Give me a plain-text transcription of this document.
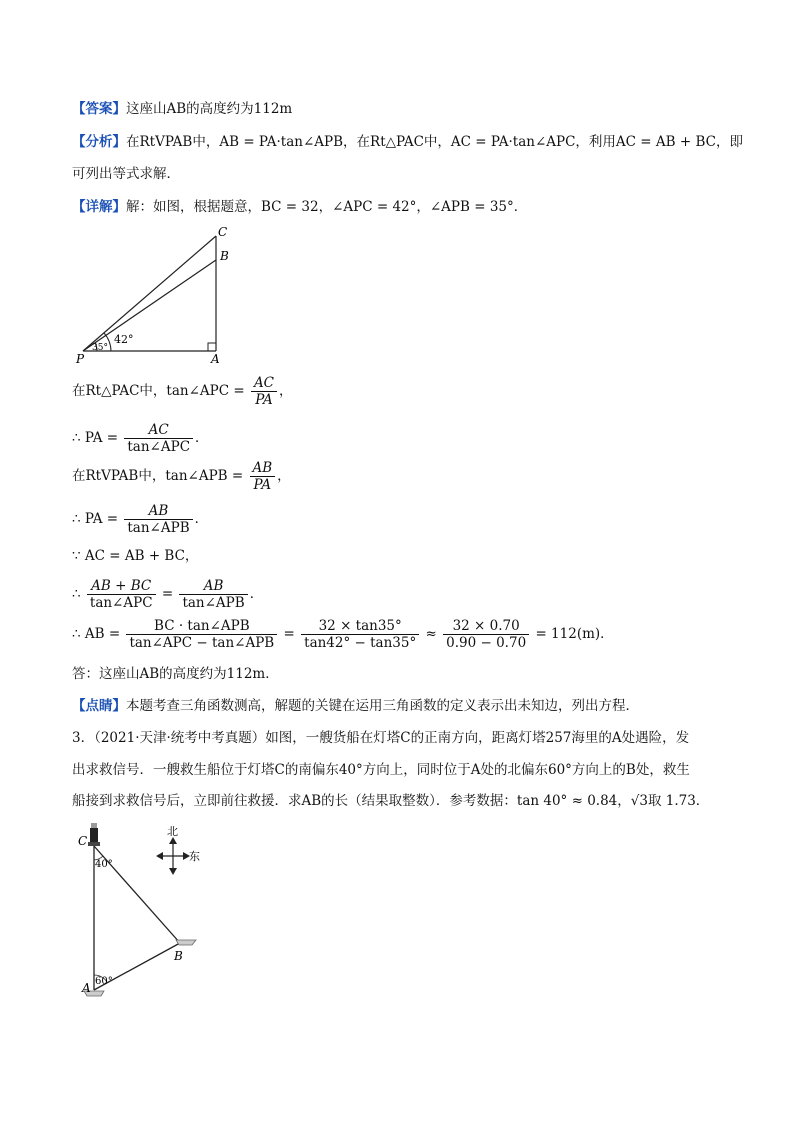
【答案】这座山AB的高度约为112m
【分析】在RtVPAB中，AB = PA·tan∠APB，在Rt△PAC中，AC = PA·tan∠APC，利用AC = AB + BC，即
可列出等式求解．
【详解】解：如图，根据题意，BC = 32，∠APC = 42°，∠APB = 35°．
C
B
P	A
42°
35°
在Rt△PAC中，tan∠APC = $\frac{AC}{PA}$ ，
∴ PA = $\frac{AC}{\text{tan∠APC}}$ ．
在RtVPAB中，tan∠APB = $\frac{AB}{PA}$ ，
∴ PA = $\frac{AB}{\text{tan∠APB}}$ ．
∵ AC = AB + BC，
∴ $\frac{AB + BC}{\text{tan∠APC}} = \frac{AB}{\text{tan∠APB}}$ ．
∴ AB = $\frac{\text{BC · tan∠APB}}{\text{tan∠APC − tan∠APB}} = \frac{32 \times \tan 35^\circ}{\tan 42^\circ - \tan 35^\circ} \approx \frac{32 \times 0.70}{0.90 - 0.70} = 112(m)$．
答：这座山AB的高度约为112m．
【点睛】本题考查三角函数测高，解题的关键在运用三角函数的定义表示出未知边，列出方程．
3．（2021·天津·统考中考真题）如图，一艘货船在灯塔C的正南方向，距离灯塔257海里的A处遇险，发
出求救信号．一艘救生船位于灯塔C的南偏东40°方向上，同时位于A处的北偏东60°方向上的B处，救生
船接到求救信号后，立即前往救援．求AB的长（结果取整数）．参考数据：tan 40° ≈ 0.84，√3取 1.73．
C
A
B
40°
60°
北
东
